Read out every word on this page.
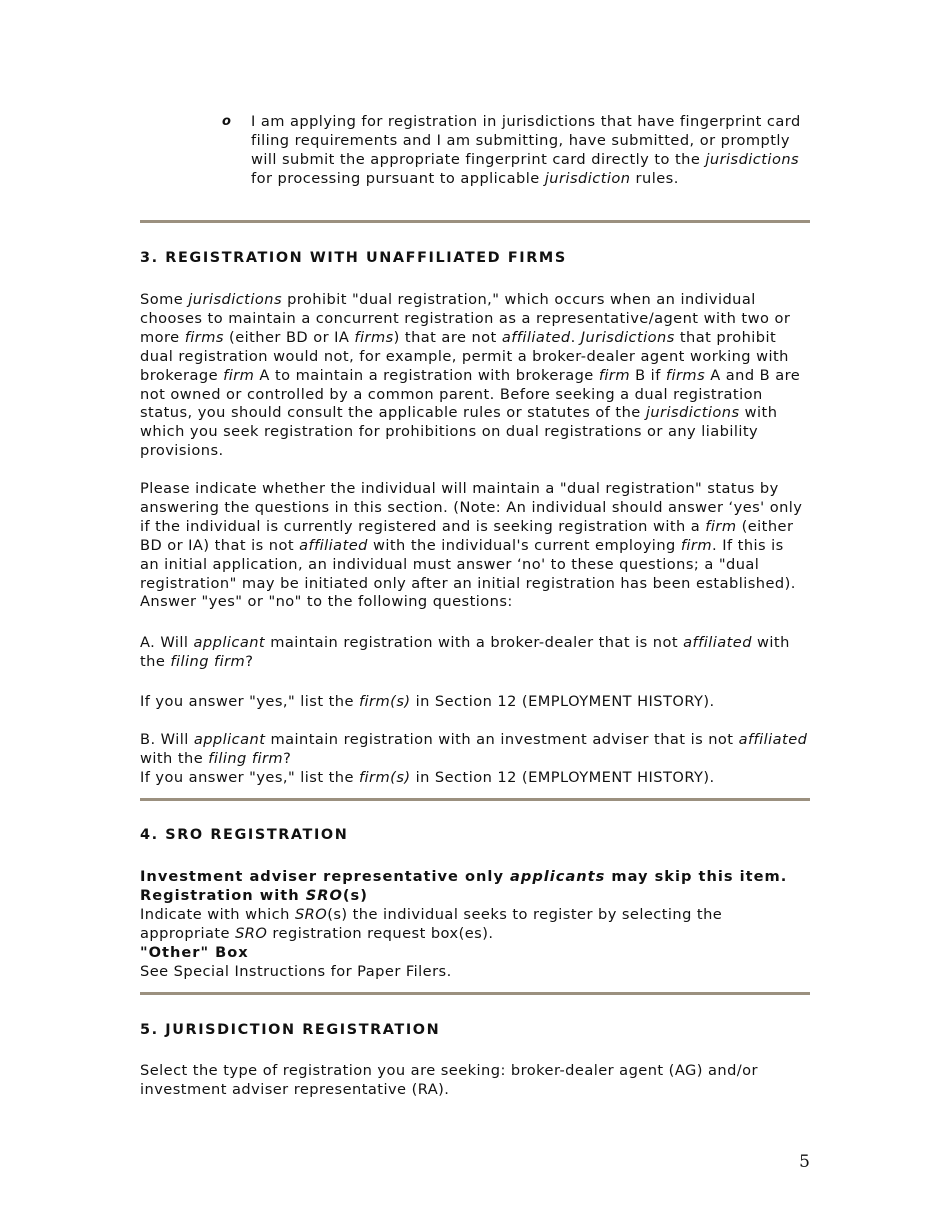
o I am applying for registration in jurisdictions that have fingerprint card
filing requirements and I am submitting, have submitted, or promptly
will submit the appropriate fingerprint card directly to the jurisdictions
for processing pursuant to applicable jurisdiction rules.
3. REGISTRATION WITH UNAFFILIATED FIRMS
Some jurisdictions prohibit "dual registration," which occurs when an individual
chooses to maintain a concurrent registration as a representative/agent with two or
more firms (either BD or IA firms) that are not affiliated. Jurisdictions that prohibit
dual registration would not, for example, permit a broker-dealer agent working with
brokerage firm A to maintain a registration with brokerage firm B if firms A and B are
not owned or controlled by a common parent. Before seeking a dual registration
status, you should consult the applicable rules or statutes of the jurisdictions with
which you seek registration for prohibitions on dual registrations or any liability
provisions.
Please indicate whether the individual will maintain a "dual registration" status by
answering the questions in this section. (Note: An individual should answer ‘yes' only
if the individual is currently registered and is seeking registration with a firm (either
BD or IA) that is not affiliated with the individual's current employing firm. If this is
an initial application, an individual must answer ‘no' to these questions; a "dual
registration" may be initiated only after an initial registration has been established).
Answer "yes" or "no" to the following questions:
A. Will applicant maintain registration with a broker-dealer that is not affiliated with
the filing firm?
If you answer "yes," list the firm(s) in Section 12 (EMPLOYMENT HISTORY).
B. Will applicant maintain registration with an investment adviser that is not affiliated
with the filing firm?
If you answer "yes," list the firm(s) in Section 12 (EMPLOYMENT HISTORY).
4. SRO REGISTRATION
Investment adviser representative only applicants may skip this item.
Registration with SRO(s)
Indicate with which SRO(s) the individual seeks to register by selecting the
appropriate SRO registration request box(es).
"Other" Box
See Special Instructions for Paper Filers.
5. JURISDICTION REGISTRATION
Select the type of registration you are seeking: broker-dealer agent (AG) and/or
investment adviser representative (RA).
5
